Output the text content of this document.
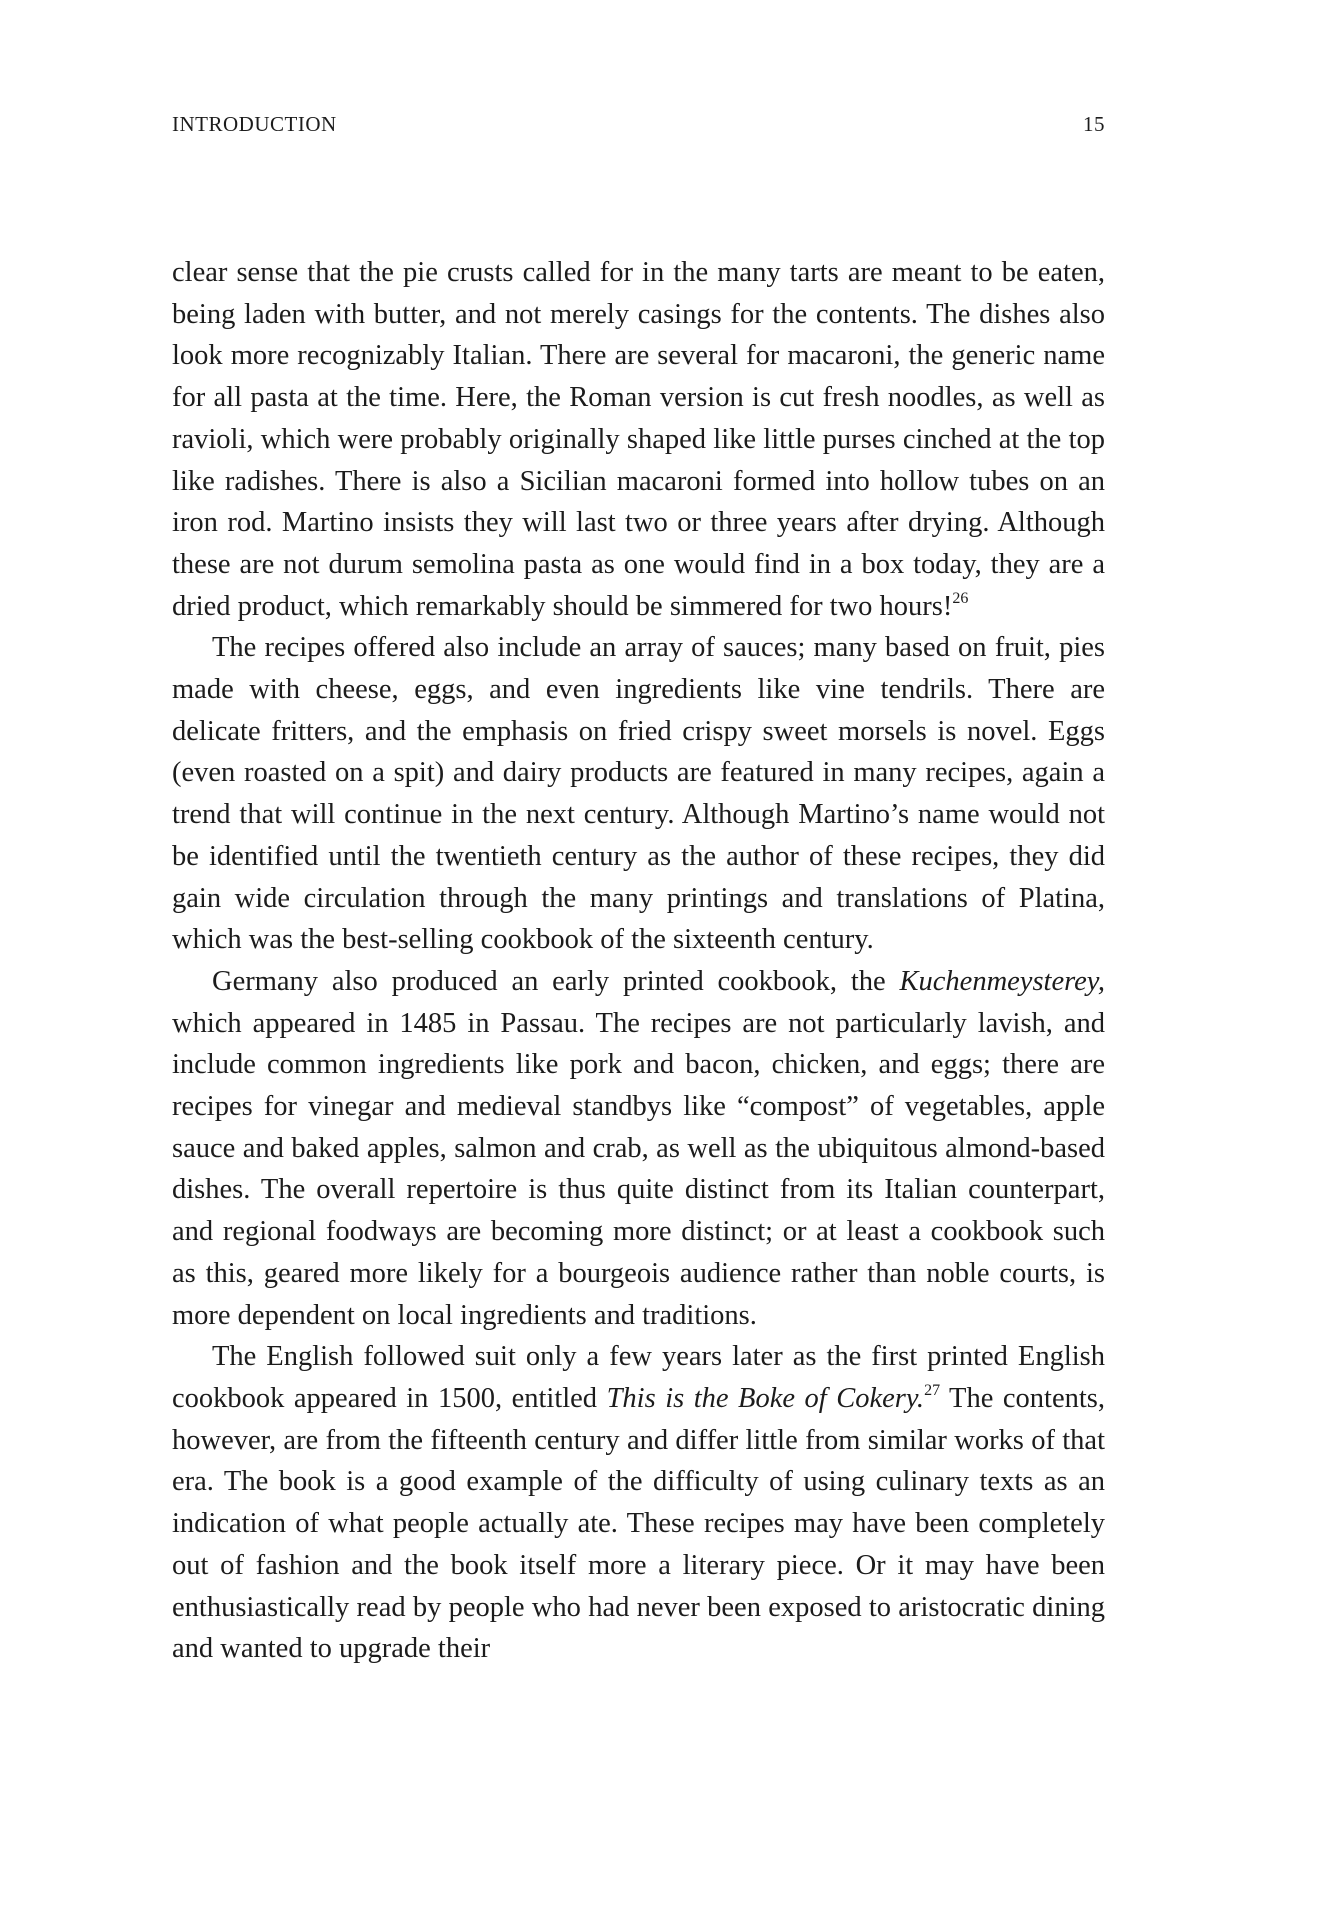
INTRODUCTION	15

clear sense that the pie crusts called for in the many tarts are meant to be eaten, being laden with butter, and not merely casings for the contents. The dishes also look more recognizably Italian. There are several for macaroni, the generic name for all pasta at the time. Here, the Roman version is cut fresh noodles, as well as ravioli, which were probably originally shaped like little purses cinched at the top like radishes. There is also a Sicilian macaroni formed into hollow tubes on an iron rod. Martino insists they will last two or three years after drying. Although these are not durum semolina pasta as one would find in a box today, they are a dried product, which remarkably should be simmered for two hours!$^{26}$

The recipes offered also include an array of sauces; many based on fruit, pies made with cheese, eggs, and even ingredients like vine tendrils. There are delicate fritters, and the emphasis on fried crispy sweet morsels is novel. Eggs (even roasted on a spit) and dairy products are featured in many recipes, again a trend that will continue in the next century. Although Martino’s name would not be identified until the twentieth century as the author of these recipes, they did gain wide circulation through the many printings and translations of Platina, which was the best-selling cookbook of the sixteenth century.

Germany also produced an early printed cookbook, the Kuchenmeysterey, which appeared in 1485 in Passau. The recipes are not particularly lavish, and include common ingredients like pork and bacon, chicken, and eggs; there are recipes for vinegar and medieval standbys like “compost” of vegetables, apple sauce and baked apples, salmon and crab, as well as the ubiquitous almond-based dishes. The overall repertoire is thus quite distinct from its Italian counterpart, and regional foodways are becoming more distinct; or at least a cookbook such as this, geared more likely for a bourgeois audience rather than noble courts, is more dependent on local ingredients and traditions.

The English followed suit only a few years later as the first printed English cookbook appeared in 1500, entitled This is the Boke of Cokery.$^{27}$ The contents, however, are from the fifteenth century and differ little from similar works of that era. The book is a good example of the difficulty of using culinary texts as an indication of what people actually ate. These recipes may have been completely out of fashion and the book itself more a literary piece. Or it may have been enthusiastically read by people who had never been exposed to aristocratic dining and wanted to upgrade their
